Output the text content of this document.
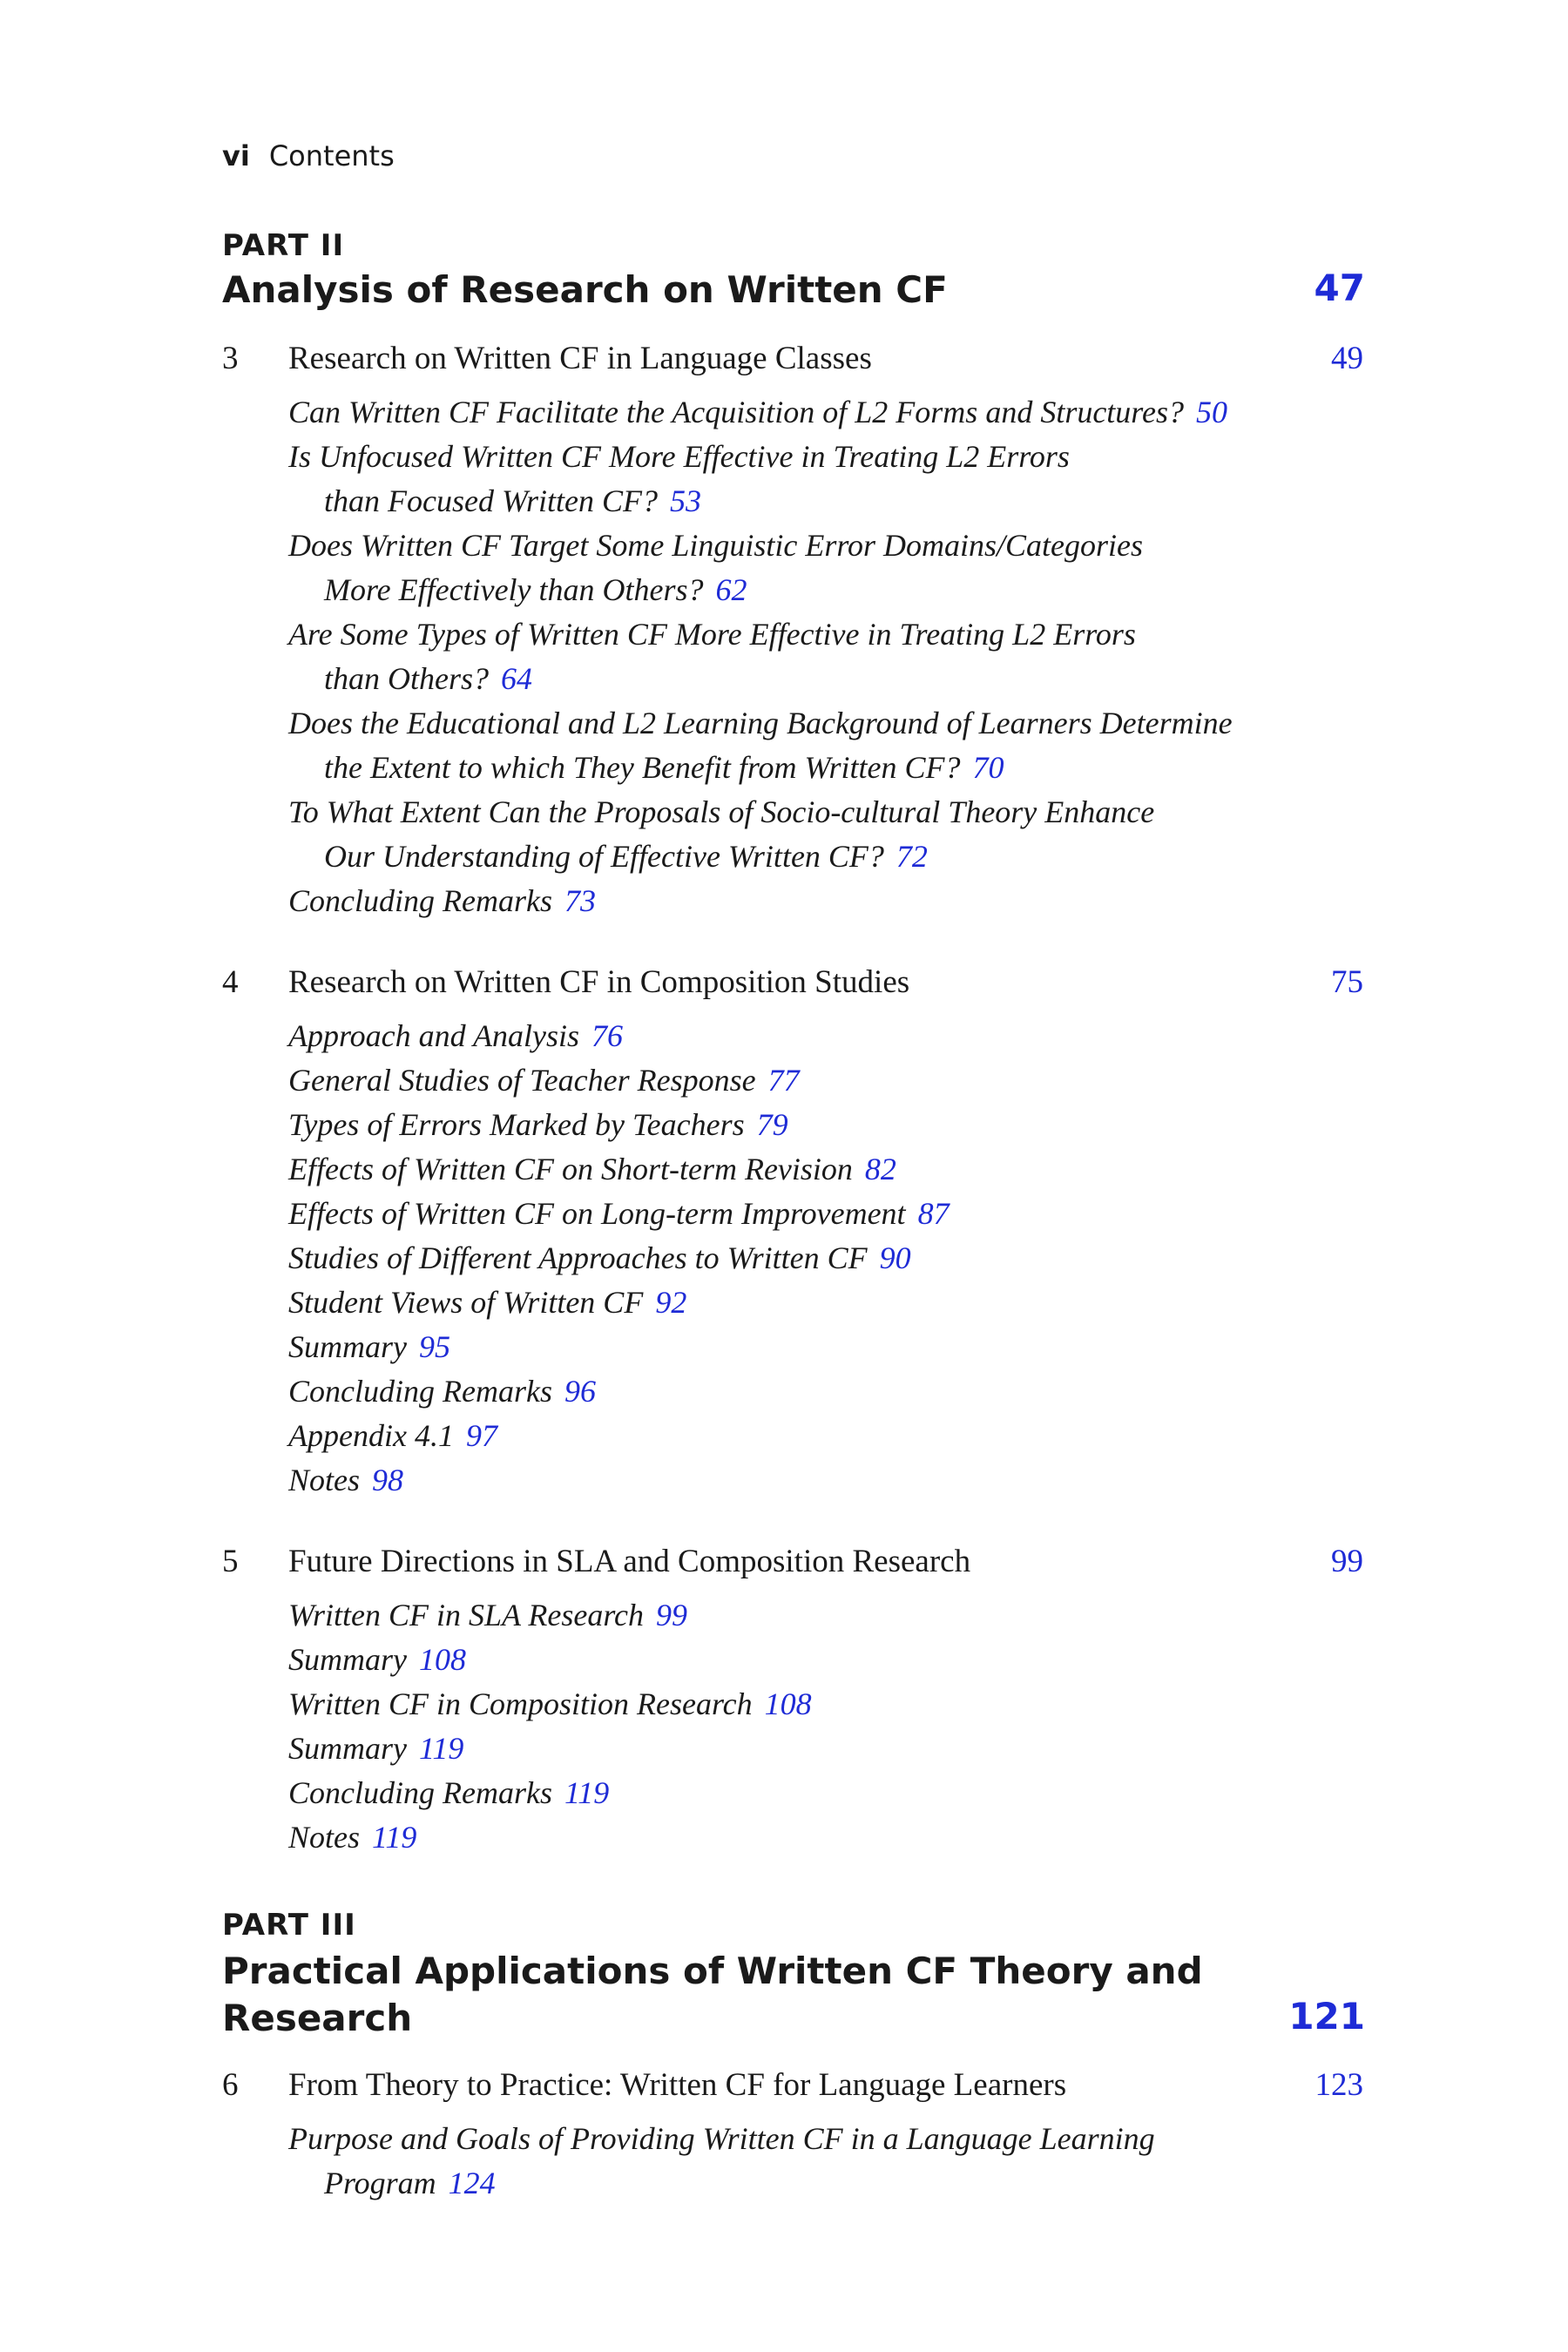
vi Contents
PART II
Analysis of Research on Written CF	47
3 Research on Written CF in Language Classes	49
Can Written CF Facilitate the Acquisition of L2 Forms and Structures? 50
Is Unfocused Written CF More Effective in Treating L2 Errors
than Focused Written CF? 53
Does Written CF Target Some Linguistic Error Domains/Categories
More Effectively than Others? 62
Are Some Types of Written CF More Effective in Treating L2 Errors
than Others? 64
Does the Educational and L2 Learning Background of Learners Determine
the Extent to which They Benefit from Written CF? 70
To What Extent Can the Proposals of Socio-cultural Theory Enhance
Our Understanding of Effective Written CF? 72
Concluding Remarks 73
4 Research on Written CF in Composition Studies	75
Approach and Analysis 76
General Studies of Teacher Response 77
Types of Errors Marked by Teachers 79
Effects of Written CF on Short-term Revision 82
Effects of Written CF on Long-term Improvement 87
Studies of Different Approaches to Written CF 90
Student Views of Written CF 92
Summary 95
Concluding Remarks 96
Appendix 4.1 97
Notes 98
5 Future Directions in SLA and Composition Research	99
Written CF in SLA Research 99
Summary 108
Written CF in Composition Research 108
Summary 119
Concluding Remarks 119
Notes 119
PART III
Practical Applications of Written CF Theory and
Research	121
6 From Theory to Practice: Written CF for Language Learners	123
Purpose and Goals of Providing Written CF in a Language Learning
Program 124
